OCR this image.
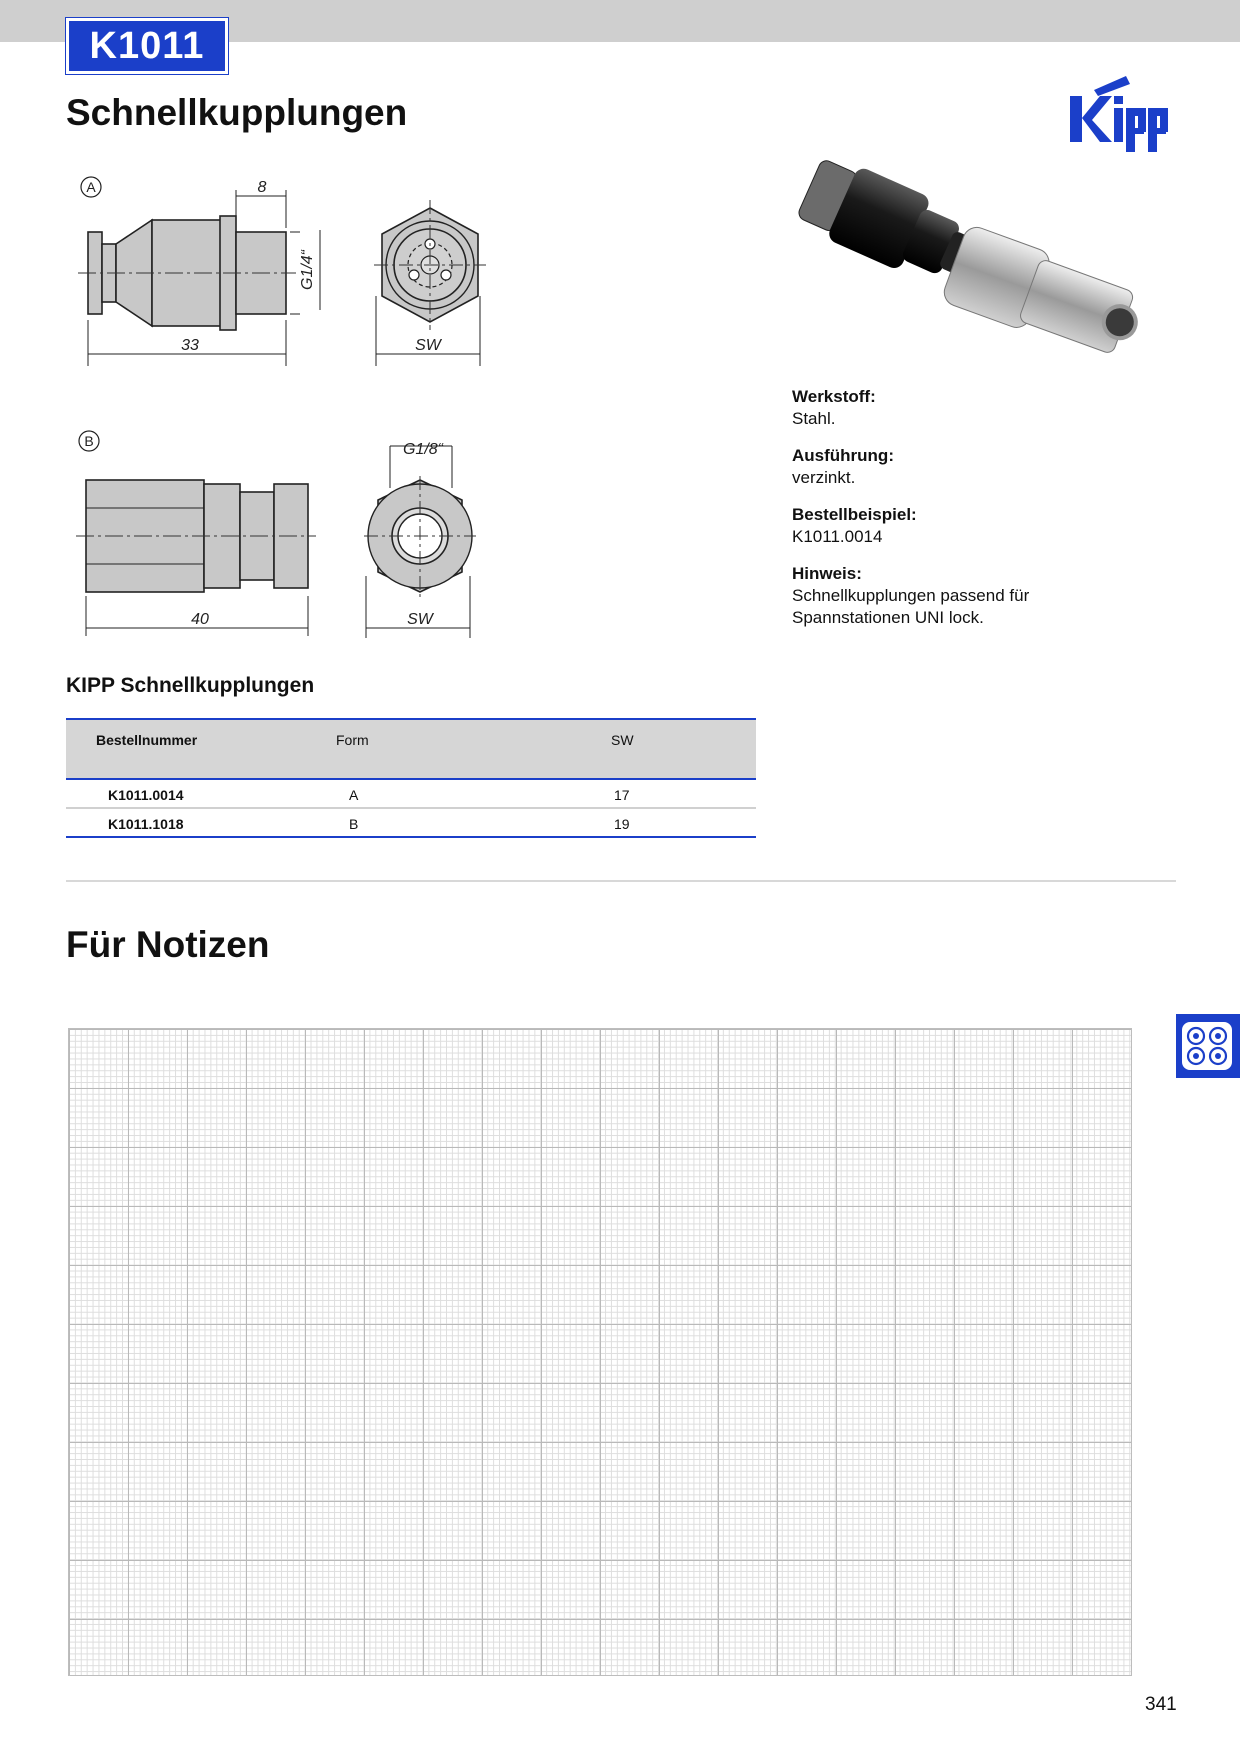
K1011
Schnellkupplungen
A
33
8
G1/4“
SW
B
40
G1/8“
SW
Werkstoff:
Stahl.
Ausführung:
verzinkt.
Bestellbeispiel:
K1011.0014
Hinweis:
Schnellkupplungen passend für Spannstationen UNI lock.
KIPP Schnellkupplungen
Bestellnummer	Form	SW
K1011.0014	A	17
K1011.1018	B	19
Für Notizen
341
